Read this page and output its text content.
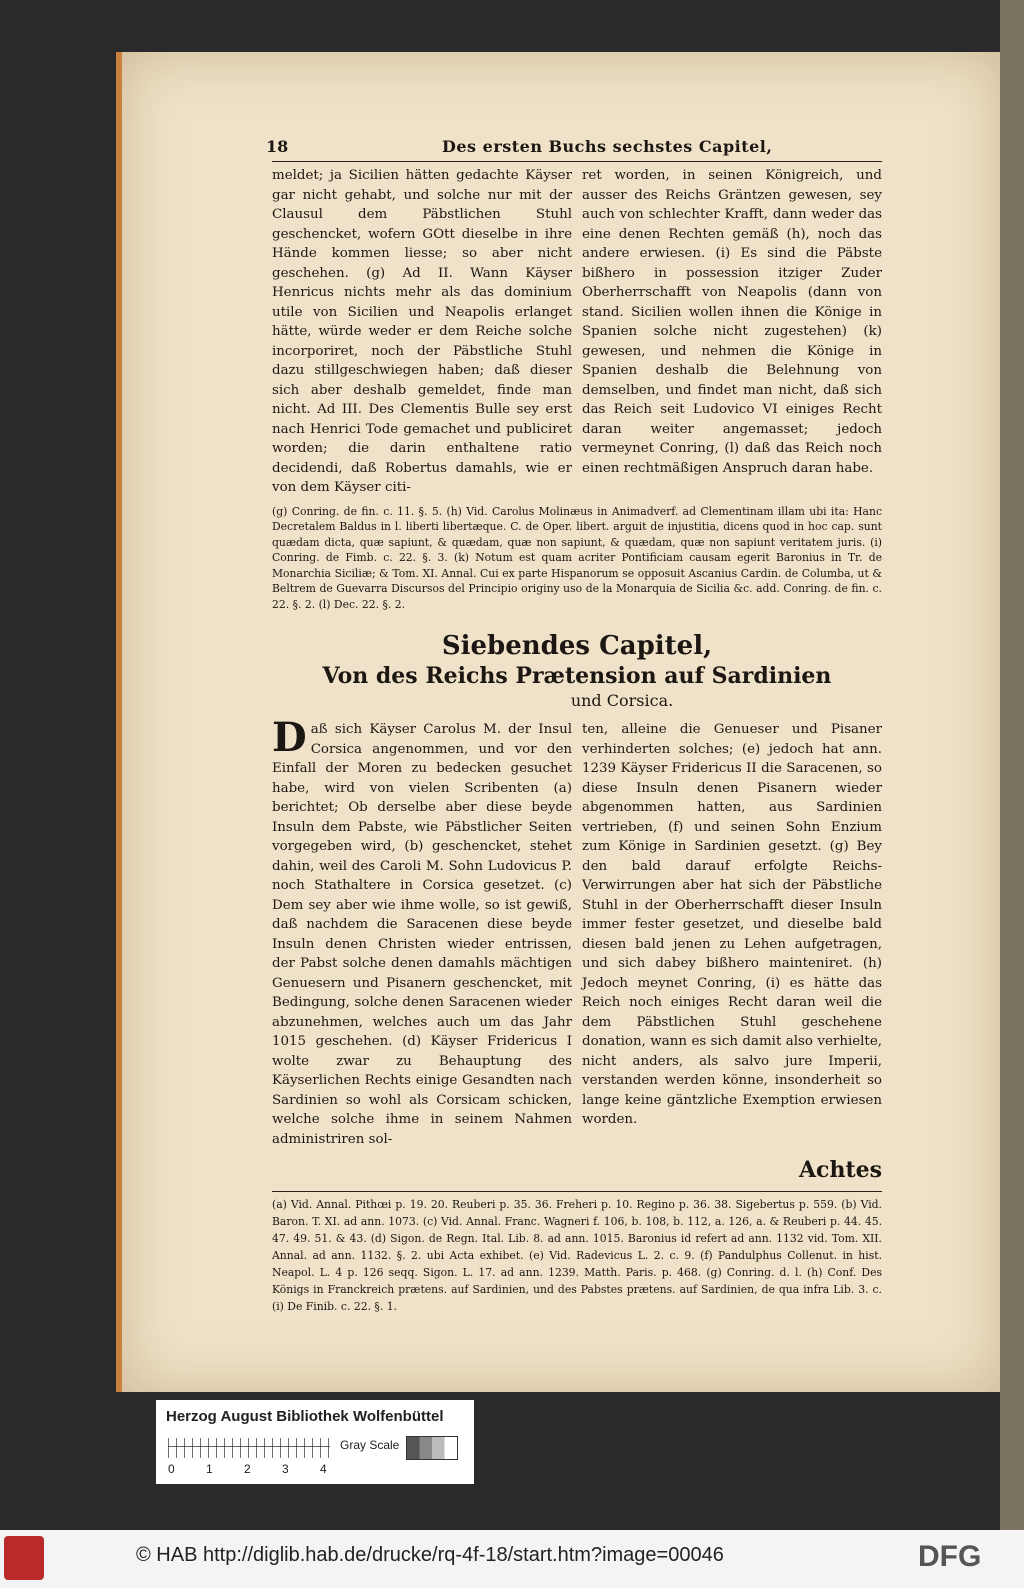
18	Des ersten Buchs sechstes Capitel,

meldet; ja Sicilien hätten gedachte Käyser gar nicht gehabt, und solche nur mit der Clausul dem Päbstlichen Stuhl geschencket, wofern GOtt dieselbe in ihre Hände kommen liesse; so aber nicht geschehen. (g) Ad II. Wann Käyser Henricus nichts mehr als das dominium utile von Sicilien und Neapolis erlanget hätte, würde weder er dem Reiche solche incorporiret, noch der Päbstliche Stuhl dazu stillgeschwiegen haben; daß dieser sich aber deshalb gemeldet, finde man nicht. Ad III. Des Clementis Bulle sey erst nach Henrici Tode gemachet und publiciret worden; die darin enthaltene ratio decidendi, daß Robertus damahls, wie er von dem Käyser citi-

ret worden, in seinen Königreich, und ausser des Reichs Gräntzen gewesen, sey auch von schlechter Krafft, dann weder das eine denen Rechten gemäß (h), noch das andere erwiesen. (i) Es sind die Päbste bißhero in possession itziger Zuder Oberherrschafft von Neapolis (dann von stand. Sicilien wollen ihnen die Könige in Spanien solche nicht zugestehen) (k) gewesen, und nehmen die Könige in Spanien deshalb die Belehnung von demselben, und findet man nicht, daß sich das Reich seit Ludovico VI einiges Recht daran weiter angemasset; jedoch vermeynet Conring, (l) daß das Reich noch einen rechtmäßigen Anspruch daran habe.

(g) Conring. de fin. c. 11. §. 5. (h) Vid. Carolus Molinæus in Animadverf. ad Clementinam illam ubi ita: Hanc Decretalem Baldus in l. liberti libertæque. C. de Oper. libert. arguit de injustitia, dicens quod in hoc cap. sunt quædam dicta, quæ sapiunt, & quædam, quæ non sapiunt, & quædam, quæ non sapiunt veritatem juris. (i) Conring. de Fimb. c. 22. §. 3. (k) Notum est quam acriter Pontificiam causam egerit Baronius in Tr. de Monarchia Siciliæ; & Tom. XI. Annal. Cui ex parte Hispanorum se opposuit Ascanius Cardin. de Columba, ut & Beltrem de Guevarra Discursos del Principio originy uso de la Monarquia de Sicilia &c. add. Conring. de fin. c. 22. §. 2. (l) Dec. 22. §. 2.
Siebendes Capitel,
Von des Reichs Prætension auf Sardinien
und Corsica.
D aß sich Käyser Carolus M. der Insul Corsica angenommen, und vor den Einfall der Moren zu bedecken gesuchet habe, wird von vielen Scribenten (a) berichtet; Ob derselbe aber diese beyde Insuln dem Pabste, wie Päbstlicher Seiten vorgegeben wird, (b) geschencket, stehet dahin, weil des Caroli M. Sohn Ludovicus P. noch Stathaltere in Corsica gesetzet. (c) Dem sey aber wie ihme wolle, so ist gewiß, daß nachdem die Saracenen diese beyde Insuln denen Christen wieder entrissen, der Pabst solche denen damahls mächtigen Genuesern und Pisanern geschencket, mit Bedingung, solche denen Saracenen wieder abzunehmen, welches auch um das Jahr 1015 geschehen. (d) Käyser Fridericus I wolte zwar zu Behauptung des Käyserlichen Rechts einige Gesandten nach Sardinien so wohl als Corsicam schicken, welche solche ihme in seinem Nahmen administriren sol-

ten, alleine die Genueser und Pisaner verhinderten solches; (e) jedoch hat ann. 1239 Käyser Fridericus II die Saracenen, so diese Insuln denen Pisanern wieder abgenommen hatten, aus Sardinien vertrieben, (f) und seinen Sohn Enzium zum Könige in Sardinien gesetzt. (g) Bey den bald darauf erfolgte Reichs-Verwirrungen aber hat sich der Päbstliche Stuhl in der Oberherrschafft dieser Insuln immer fester gesetzet, und dieselbe bald diesen bald jenen zu Lehen aufgetragen, und sich dabey bißhero mainteniret. (h) Jedoch meynet Conring, (i) es hätte das Reich noch einiges Recht daran weil die dem Päbstlichen Stuhl geschehene donation, wann es sich damit also verhielte, nicht anders, als salvo jure Imperii, verstanden werden könne, insonderheit so lange keine gäntzliche Exemption erwiesen worden.

Achtes
(a) Vid. Annal. Pithœi p. 19. 20. Reuberi p. 35. 36. Freheri p. 10. Regino p. 36. 38. Sigebertus p. 559. (b) Vid. Baron. T. XI. ad ann. 1073. (c) Vid. Annal. Franc. Wagneri f. 106, b. 108, b. 112, a. 126, a. & Reuberi p. 44. 45. 47. 49. 51. & 43. (d) Sigon. de Regn. Ital. Lib. 8. ad ann. 1015. Baronius id refert ad ann. 1132 vid. Tom. XII. Annal. ad ann. 1132. §. 2. ubi Acta exhibet. (e) Vid. Radevicus L. 2. c. 9. (f) Pandulphus Collenut. in hist. Neapol. L. 4 p. 126 seqq. Sigon. L. 17. ad ann. 1239. Matth. Paris. p. 468. (g) Conring. d. l. (h) Conf. Des Königs in Franckreich prætens. auf Sardinien, und des Pabstes prætens. auf Sardinien, de qua infra Lib. 3. c. (i) De Finib. c. 22. §. 1.
Herzog August Bibliothek Wolfenbüttel
0	1	2	3	4
Gray Scale
© HAB http://diglib.hab.de/drucke/rq-4f-18/start.htm?image=00046	DFG
